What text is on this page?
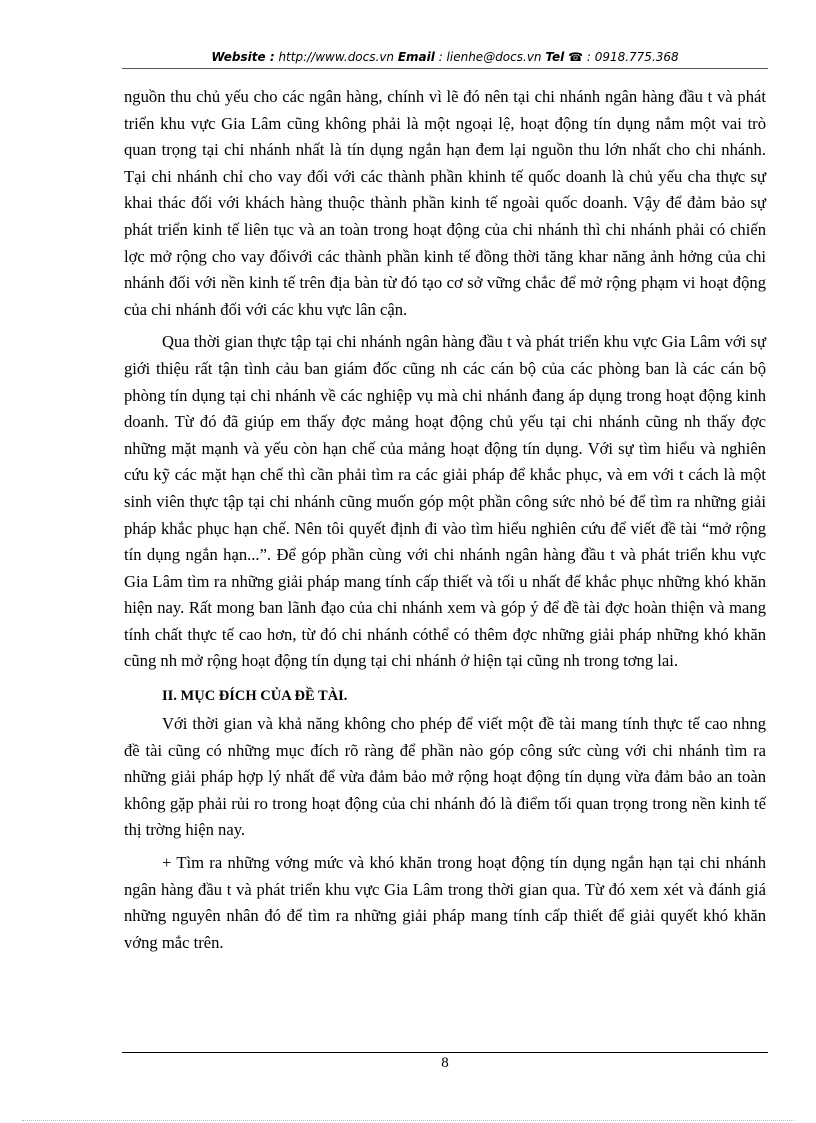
Website : http://www.docs.vn Email : lienhe@docs.vn Tel ☎ : 0918.775.368

nguồn thu chủ yếu cho các ngân hàng, chính vì lẽ đó nên tại chi nhánh ngân hàng đầu t và phát triển khu vực Gia Lâm cũng không phải là một ngoại lệ, hoạt động tín dụng nắm một vai trò quan trọng tại chi nhánh nhất là tín dụng ngắn hạn đem lại nguồn thu lớn nhất cho chi nhánh. Tại chi nhánh chỉ cho vay đối với các thành phần khinh tế quốc doanh là chủ yếu cha thực sự khai thác đối với khách hàng thuộc thành phần kinh tế ngoài quốc doanh. Vậy để đảm bảo sự phát triển kinh tế liên tục và an toàn trong hoạt động của chi nhánh thì chi nhánh phải có chiến lợc mở rộng cho vay đốivới các thành phần kinh tế đồng thời tăng khar năng ảnh hởng của chi nhánh đối với nền kinh tế trên địa bàn từ đó tạo cơ sở vững chắc để mở rộng phạm vi hoạt động của chi nhánh đối với các khu vực lân cận.

Qua thời gian thực tập tại chi nhánh ngân hàng đầu t và phát triển khu vực Gia Lâm với sự giới thiệu rất tận tình cảu ban giám đốc cũng nh các cán bộ của các phòng ban là các cán bộ phòng tín dụng tại chi nhánh về các nghiệp vụ mà chi nhánh đang áp dụng trong hoạt động kinh doanh. Từ đó đã giúp em thấy đợc mảng hoạt động chủ yếu tại chi nhánh cũng nh thấy đợc những mặt mạnh và yếu còn hạn chế của mảng hoạt động tín dụng. Với sự tìm hiểu và nghiên cứu kỹ các mặt hạn chế thì cần phải tìm ra các giải pháp để khắc phục, và em với t cách là một sinh viên thực tập tại chi nhánh cũng muốn góp một phần công sức nhỏ bé để tìm ra những giải pháp khắc phục hạn chế. Nên tôi quyết định đi vào tìm hiểu nghiên cứu để viết đề tài “mở rộng tín dụng ngắn hạn...”. Để góp phần cùng với chi nhánh ngân hàng đầu t và phát triển khu vực Gia Lâm tìm ra những giải pháp mang tính cấp thiết và tối u nhất để khắc phục những khó khăn hiện nay. Rất mong ban lãnh đạo của chi nhánh xem và góp ý để đề tài đợc hoàn thiện và mang tính chất thực tế cao hơn, từ đó chi nhánh cóthể có thêm đợc những giải pháp những khó khăn cũng nh mở rộng hoạt động tín dụng tại chi nhánh ở hiện tại cũng nh trong tơng lai.

II. MỤC ĐÍCH CỦA ĐỀ TÀI.

Với thời gian và khả năng không cho phép để viết một đề tài mang tính thực tế cao nhng đề tài cũng có những mục đích rõ ràng để phần nào góp công sức cùng với chi nhánh tìm ra những giải pháp hợp lý nhất để vừa đảm bảo mở rộng hoạt động tín dụng vừa đảm bảo an toàn không gặp phải rủi ro trong hoạt động của chi nhánh đó là điểm tối quan trọng trong nền kinh tế thị trờng hiện nay.

+ Tìm ra những vớng mức và khó khăn trong hoạt động tín dụng ngắn hạn tại chi nhánh ngân hàng đầu t và phát triển khu vực Gia Lâm trong thời gian qua. Từ đó xem xét và đánh giá những nguyên nhân đó để tìm ra những giải pháp mang tính cấp thiết để giải quyết khó khăn vớng mắc trên.

8
